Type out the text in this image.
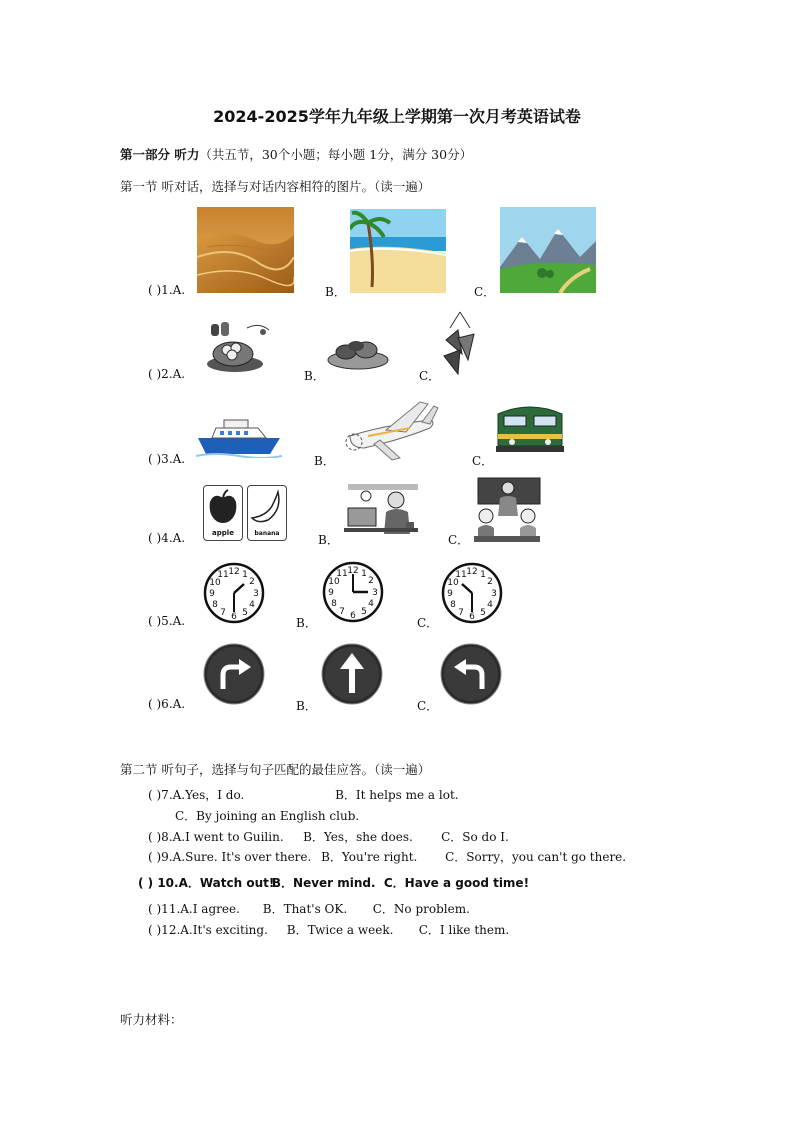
2024-2025学年九年级上学期第一次月考英语试卷
第一部分 听力（共五节，30个小题；每小题 1分，满分 30分）
第一节 听对话，选择与对话内容相符的图片。（读一遍）
( )1.A.	B．	C．
( )2.A.	B．	C．
( )3.A.	B．	C．
( )4.A.	apple	banana	B．	C．
( )5.A.
12 1
2
3
4
5
6
7
8
9
10
11
B．
12 1
2
3
4
5
6
7
8
9
10
11
C．
12 1
2
3
4
5
6
7
8
9
10
11
( )6.A.	B．	C．
第二节 听句子，选择与句子匹配的最佳应答。（读一遍）
( )7.A.Yes，I do.	B．It helps me a lot.
C．By joining an English club.
( )8.A.I went to Guilin. B．Yes，she does. C．So do I.
( )9.A.Sure. It's over there. B．You're right. C．Sorry，you can't go there.
( ) 10.A．Watch out!B．Never mind. C．Have a good time!
( )11.A.I agree. B．That's OK. C．No problem.
( )12.A.It's exciting. B．Twice a week. C．I like them.
听力材料：
